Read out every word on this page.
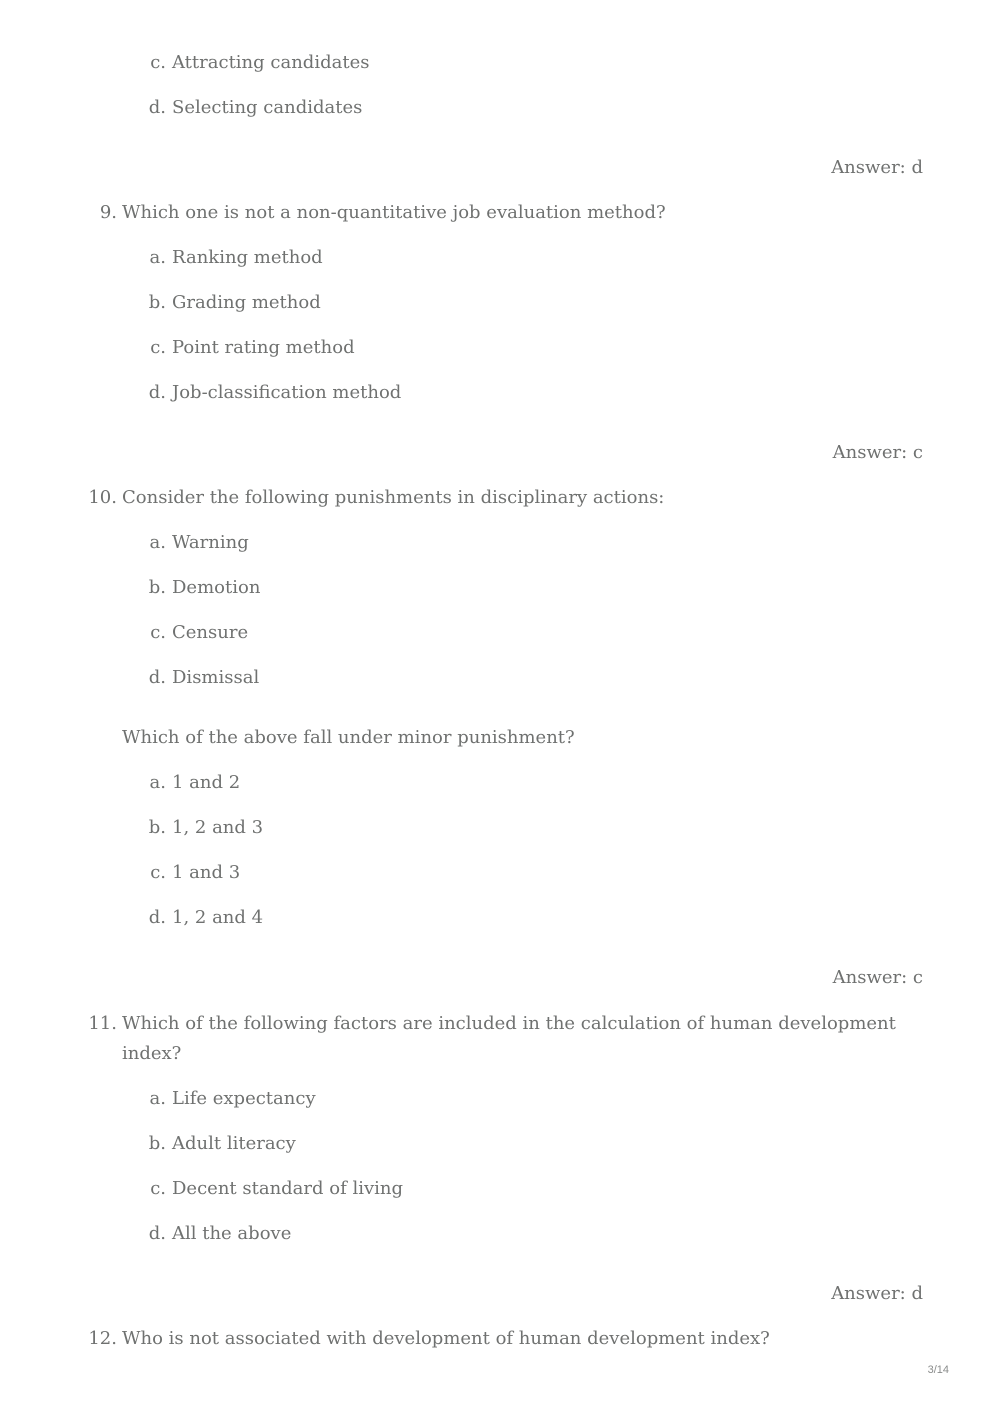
c. Attracting candidates
d. Selecting candidates
Answer: d
9. Which one is not a non-quantitative job evaluation method?
a. Ranking method
b. Grading method
c. Point rating method
d. Job-classification method
Answer: c
10. Consider the following punishments in disciplinary actions:
a. Warning
b. Demotion
c. Censure
d. Dismissal
Which of the above fall under minor punishment?
a. 1 and 2
b. 1, 2 and 3
c. 1 and 3
d. 1, 2 and 4
Answer: c
11. Which of the following factors are included in the calculation of human development
index?
a. Life expectancy
b. Adult literacy
c. Decent standard of living
d. All the above
Answer: d
12. Who is not associated with development of human development index?
3/14
